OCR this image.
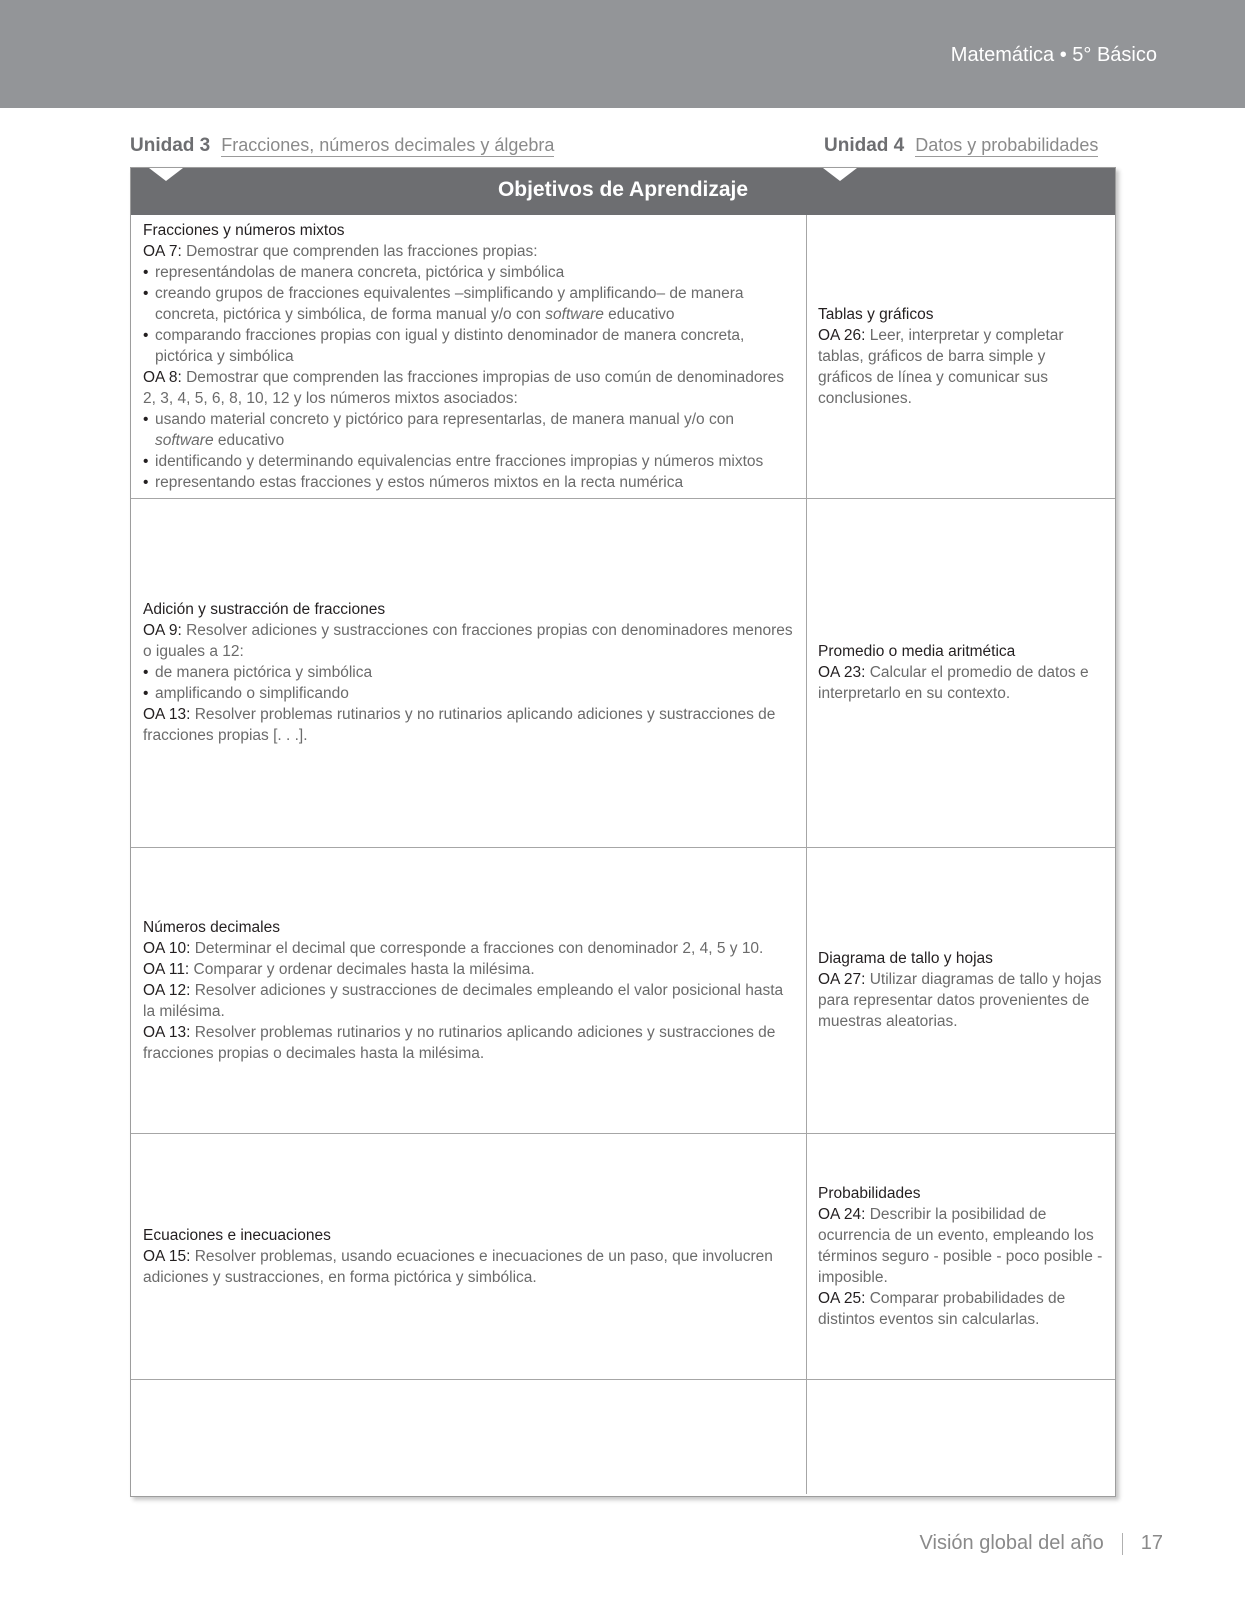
Matemática • 5° Básico
Unidad 3 Fracciones, números decimales y álgebra	Unidad 4 Datos y probabilidades
Objetivos de Aprendizaje
Fracciones y números mixtos
OA 7: Demostrar que comprenden las fracciones propias:
• representándolas de manera concreta, pictórica y simbólica
• creando grupos de fracciones equivalentes –simplificando y amplificando– de manera concreta, pictórica y simbólica, de forma manual y/o con software educativo
• comparando fracciones propias con igual y distinto denominador de manera concreta, pictórica y simbólica
OA 8: Demostrar que comprenden las fracciones impropias de uso común de denominadores 2, 3, 4, 5, 6, 8, 10, 12 y los números mixtos asociados:
• usando material concreto y pictórico para representarlas, de manera manual y/o con software educativo
• identificando y determinando equivalencias entre fracciones impropias y números mixtos
• representando estas fracciones y estos números mixtos en la recta numérica
Tablas y gráficos
OA 26: Leer, interpretar y completar tablas, gráficos de barra simple y gráficos de línea y comunicar sus conclusiones.
Adición y sustracción de fracciones
OA 9: Resolver adiciones y sustracciones con fracciones propias con denominadores menores o iguales a 12:
• de manera pictórica y simbólica
• amplificando o simplificando
OA 13: Resolver problemas rutinarios y no rutinarios aplicando adiciones y sustracciones de fracciones propias [. . .].
Promedio o media aritmética
OA 23: Calcular el promedio de datos e interpretarlo en su contexto.
Números decimales
OA 10: Determinar el decimal que corresponde a fracciones con denominador 2, 4, 5 y 10.
OA 11: Comparar y ordenar decimales hasta la milésima.
OA 12: Resolver adiciones y sustracciones de decimales empleando el valor posicional hasta la milésima.
OA 13: Resolver problemas rutinarios y no rutinarios aplicando adiciones y sustracciones de fracciones propias o decimales hasta la milésima.
Diagrama de tallo y hojas
OA 27: Utilizar diagramas de tallo y hojas para representar datos provenientes de muestras aleatorias.
Ecuaciones e inecuaciones
OA 15: Resolver problemas, usando ecuaciones e inecuaciones de un paso, que involucren adiciones y sustracciones, en forma pictórica y simbólica.
Probabilidades
OA 24: Describir la posibilidad de ocurrencia de un evento, empleando los términos seguro - posible - poco posible - imposible.
OA 25: Comparar probabilidades de distintos eventos sin calcularlas.
Visión global del año 17
